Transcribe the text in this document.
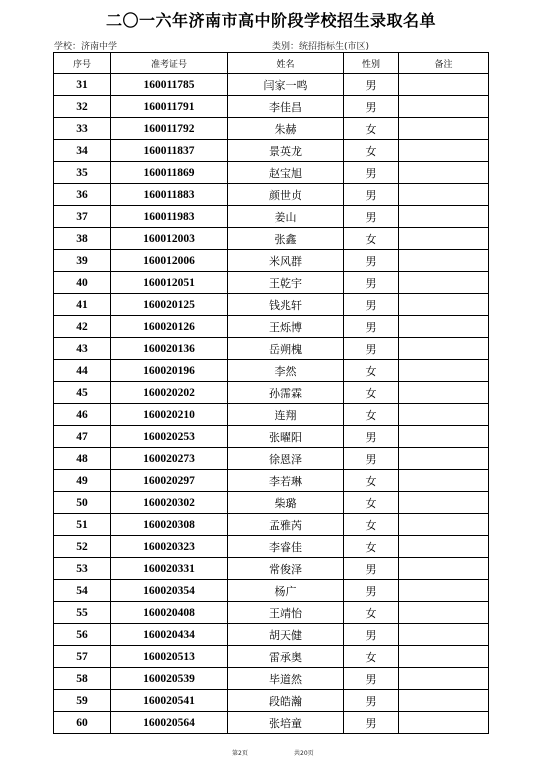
二〇一六年济南市高中阶段学校招生录取名单
学校：济南中学	类别：统招指标生(市区)
序号	准考证号	姓名	性别	备注
31	160011785	闫家一鸣	男	
32	160011791	李佳昌	男	
33	160011792	朱赫	女	
34	160011837	景英龙	女	
35	160011869	赵宝旭	男	
36	160011883	颜世贞	男	
37	160011983	姜山	男	
38	160012003	张鑫	女	
39	160012006	米风群	男	
40	160012051	王乾宇	男	
41	160020125	钱兆轩	男	
42	160020126	王烁博	男	
43	160020136	岳朔槐	男	
44	160020196	李然	女	
45	160020202	孙霈霖	女	
46	160020210	连翔	女	
47	160020253	张曜阳	男	
48	160020273	徐恩泽	男	
49	160020297	李若琳	女	
50	160020302	柴璐	女	
51	160020308	孟雅芮	女	
52	160020323	李睿佳	女	
53	160020331	常俊泽	男	
54	160020354	杨广	男	
55	160020408	王靖怡	女	
56	160020434	胡天健	男	
57	160020513	雷承奥	女	
58	160020539	毕道然	男	
59	160020541	段皓瀚	男	
60	160020564	张培童	男	
第2页	共20页
